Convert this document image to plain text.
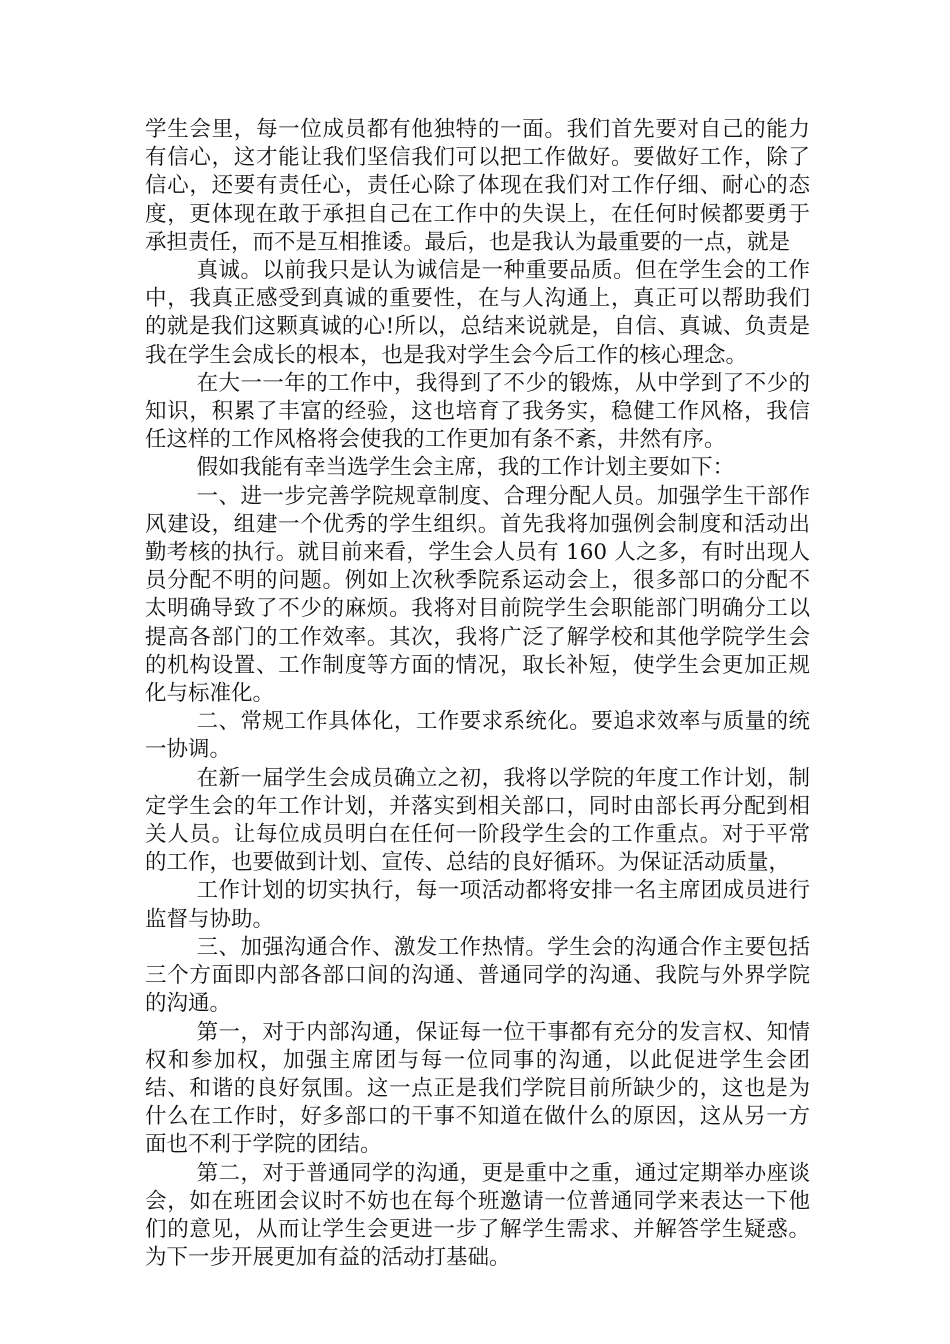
学生会里，每一位成员都有他独特的一面。我们首先要对自己的能力有信心，这才能让我们坚信我们可以把工作做好。要做好工作，除了信心，还要有责任心，责任心除了体现在我们对工作仔细、耐心的态度，更体现在敢于承担自己在工作中的失误上，在任何时候都要勇于承担责任，而不是互相推诿。最后，也是我认为最重要的一点，就是

真诚。以前我只是认为诚信是一种重要品质。但在学生会的工作中，我真正感受到真诚的重要性，在与人沟通上，真正可以帮助我们的就是我们这颗真诚的心!所以，总结来说就是，自信、真诚、负责是我在学生会成长的根本，也是我对学生会今后工作的核心理念。

在大一一年的工作中，我得到了不少的锻炼，从中学到了不少的知识，积累了丰富的经验，这也培育了我务实，稳健工作风格，我信任这样的工作风格将会使我的工作更加有条不紊，井然有序。

假如我能有幸当选学生会主席，我的工作计划主要如下：

一、进一步完善学院规章制度、合理分配人员。加强学生干部作风建设，组建一个优秀的学生组织。首先我将加强例会制度和活动出勤考核的执行。就目前来看，学生会人员有 160 人之多，有时出现人员分配不明的问题。例如上次秋季院系运动会上，很多部口的分配不太明确导致了不少的麻烦。我将对目前院学生会职能部门明确分工以提高各部门的工作效率。其次，我将广泛了解学校和其他学院学生会的机构设置、工作制度等方面的情况，取长补短，使学生会更加正规化与标准化。

二、常规工作具体化，工作要求系统化。要追求效率与质量的统一协调。

在新一届学生会成员确立之初，我将以学院的年度工作计划，制定学生会的年工作计划，并落实到相关部口，同时由部长再分配到相关人员。让每位成员明白在任何一阶段学生会的工作重点。对于平常的工作，也要做到计划、宣传、总结的良好循环。为保证活动质量，

工作计划的切实执行，每一项活动都将安排一名主席团成员进行监督与协助。

三、加强沟通合作、激发工作热情。学生会的沟通合作主要包括三个方面即内部各部口间的沟通、普通同学的沟通、我院与外界学院的沟通。

第一，对于内部沟通，保证每一位干事都有充分的发言权、知情权和参加权，加强主席团与每一位同事的沟通，以此促进学生会团结、和谐的良好氛围。这一点正是我们学院目前所缺少的，这也是为什么在工作时，好多部口的干事不知道在做什么的原因，这从另一方面也不利于学院的团结。

第二，对于普通同学的沟通，更是重中之重，通过定期举办座谈会，如在班团会议时不妨也在每个班邀请一位普通同学来表达一下他们的意见，从而让学生会更进一步了解学生需求、并解答学生疑惑。为下一步开展更加有益的活动打基础。
